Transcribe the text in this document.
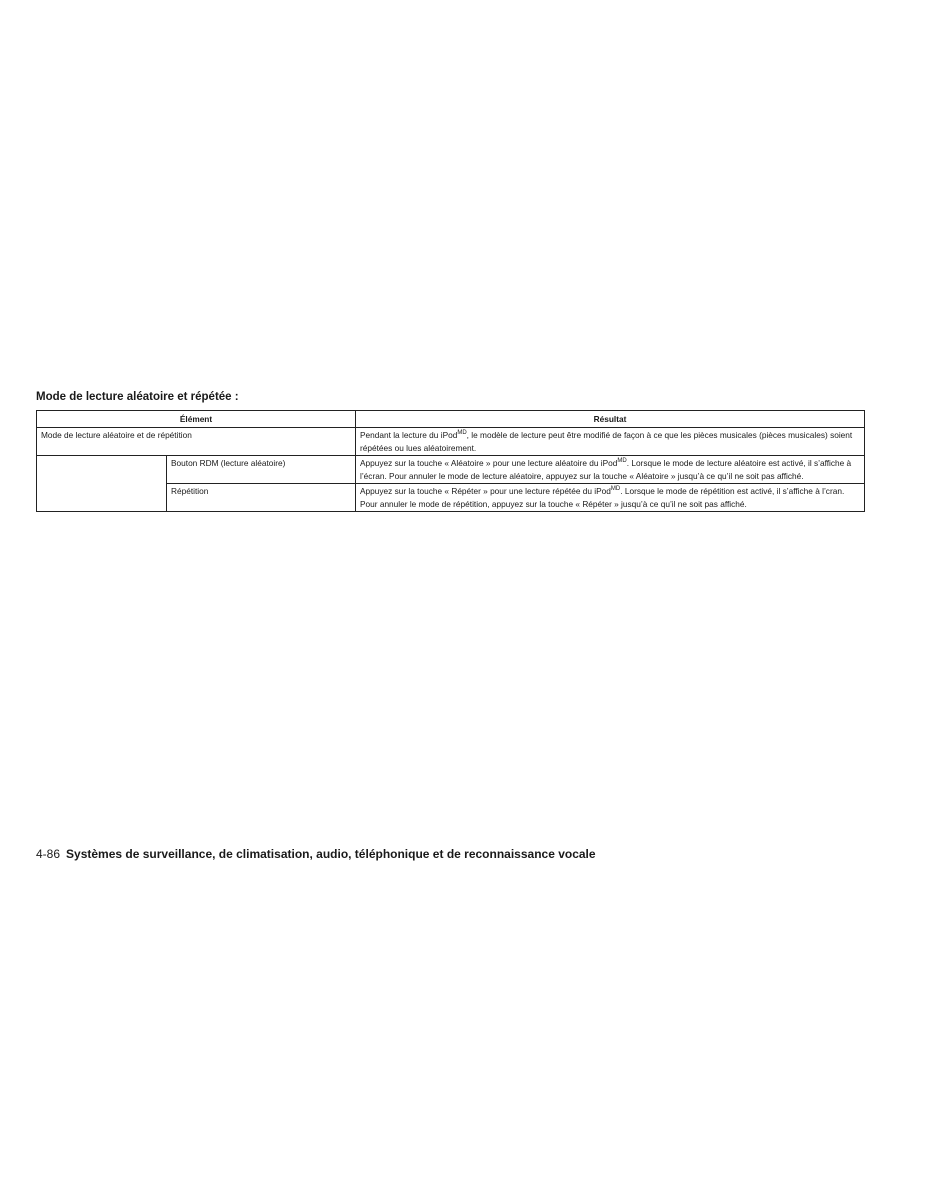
Mode de lecture aléatoire et répétée :
Élément		Résultat
Mode de lecture aléatoire et de répétition		Pendant la lecture du iPod$^{MD}$, le modèle de lecture peut être modifié de façon à ce que les pièces musicales (pièces musicales) soient répétées ou lues aléatoirement.
	Bouton RDM (lecture aléatoire)	Appuyez sur la touche « Aléatoire » pour une lecture aléatoire du iPod$^{MD}$. Lorsque le mode de lecture aléatoire est activé, il s’affiche à l’écran. Pour annuler le mode de lecture aléatoire, appuyez sur la touche « Aléatoire » jusqu’à ce qu’il ne soit pas affiché.
	Répétition	Appuyez sur la touche « Répéter » pour une lecture répétée du iPod$^{MD}$. Lorsque le mode de répétition est activé, il s’affiche à l’cran. Pour annuler le mode de répétition, appuyez sur la touche « Répéter » jusqu’à ce qu’il ne soit pas affiché.
4-86 Systèmes de surveillance, de climatisation, audio, téléphonique et de reconnaissance vocale
